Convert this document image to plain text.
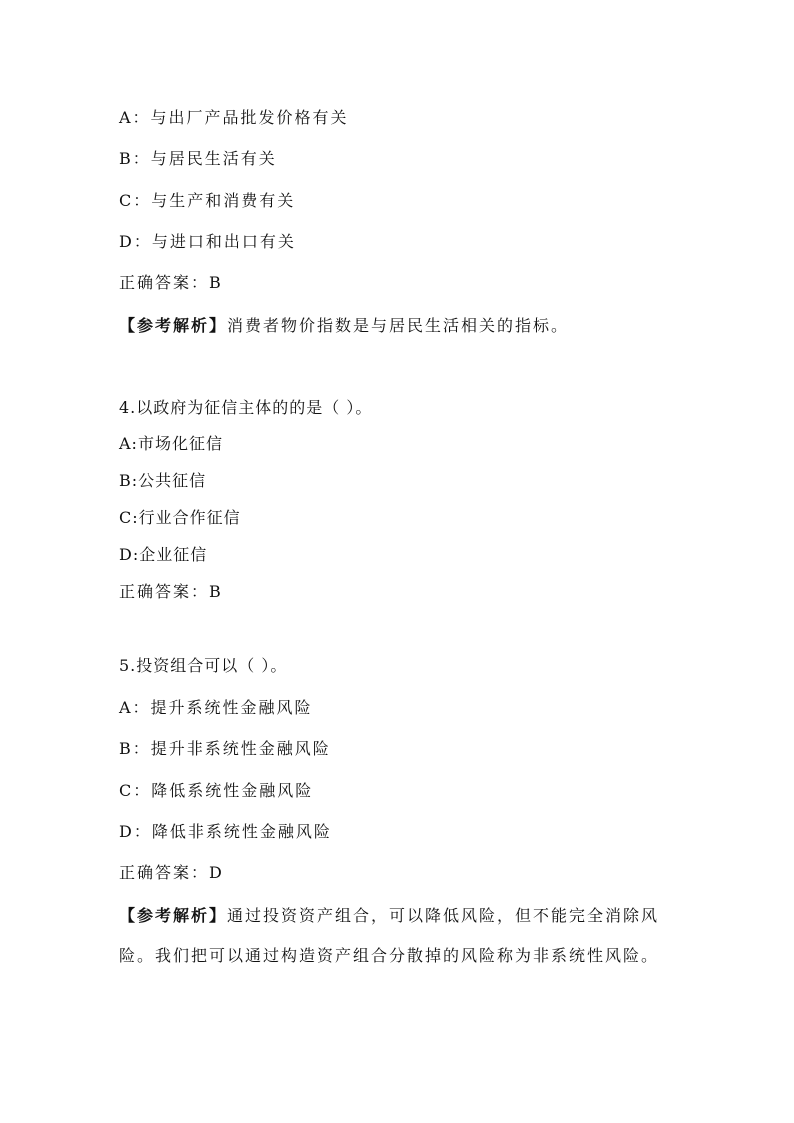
A：与出厂产品批发价格有关
B：与居民生活有关
C：与生产和消费有关
D：与进口和出口有关
正确答案：B
【参考解析】消费者物价指数是与居民生活相关的指标。
4.以政府为征信主体的的是（ ）。
A:市场化征信
B:公共征信
C:行业合作征信
D:企业征信
正确答案：B
5.投资组合可以（ ）。
A：提升系统性金融风险
B：提升非系统性金融风险
C：降低系统性金融风险
D：降低非系统性金融风险
正确答案：D
【参考解析】通过投资资产组合，可以降低风险，但不能完全消除风
险。我们把可以通过构造资产组合分散掉的风险称为非系统性风险。
